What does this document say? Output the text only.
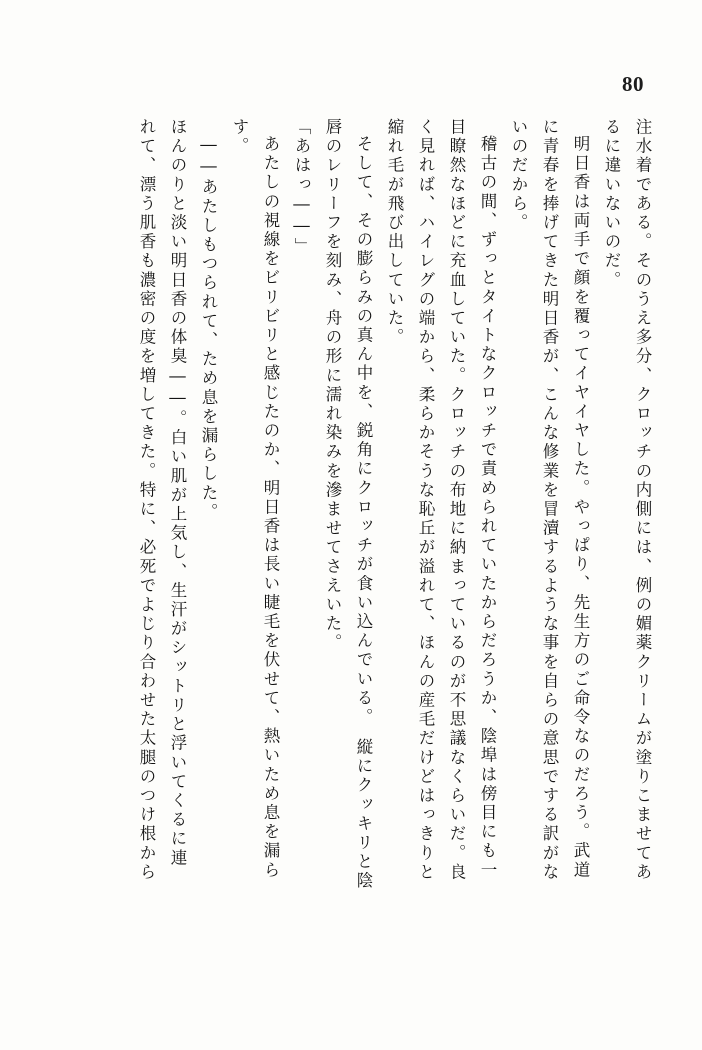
80
注水着である。そのうえ多分、クロッチの内側には、例の媚薬クリームが塗りこませてあ
るに違いないのだ。
明日香は両手で顔を覆ってイヤイヤした。やっぱり、先生方のご命令なのだろう。武道
に青春を捧げてきた明日香が、こんな修業を冒瀆するような事を自らの意思でする訳がな
いのだから。
稽古の間、ずっとタイトなクロッチで責められていたからだろうか、陰埠は傍目にも一
目瞭然なほどに充血していた。クロッチの布地に納まっているのが不思議なくらいだ。良
く見れば、ハイレグの端から、柔らかそうな恥丘が溢れて、ほんの産毛だけどはっきりと
縮れ毛が飛び出していた。
そして、その膨らみの真ん中を、鋭角にクロッチが食い込んでいる。　縦にクッキリと陰
唇のレリーフを刻み、舟の形に濡れ染みを滲ませてさえいた。
「あはっ――」
あたしの視線をビリビリと感じたのか、明日香は長い睫毛を伏せて、熱いため息を漏ら
す。
――あたしもつられて、ため息を漏らした。
ほんのりと淡い明日香の体臭――。白い肌が上気し、生汗がシットリと浮いてくるに連
れて、漂う肌香も濃密の度を増してきた。特に、必死でよじり合わせた太腿のつけ根から
